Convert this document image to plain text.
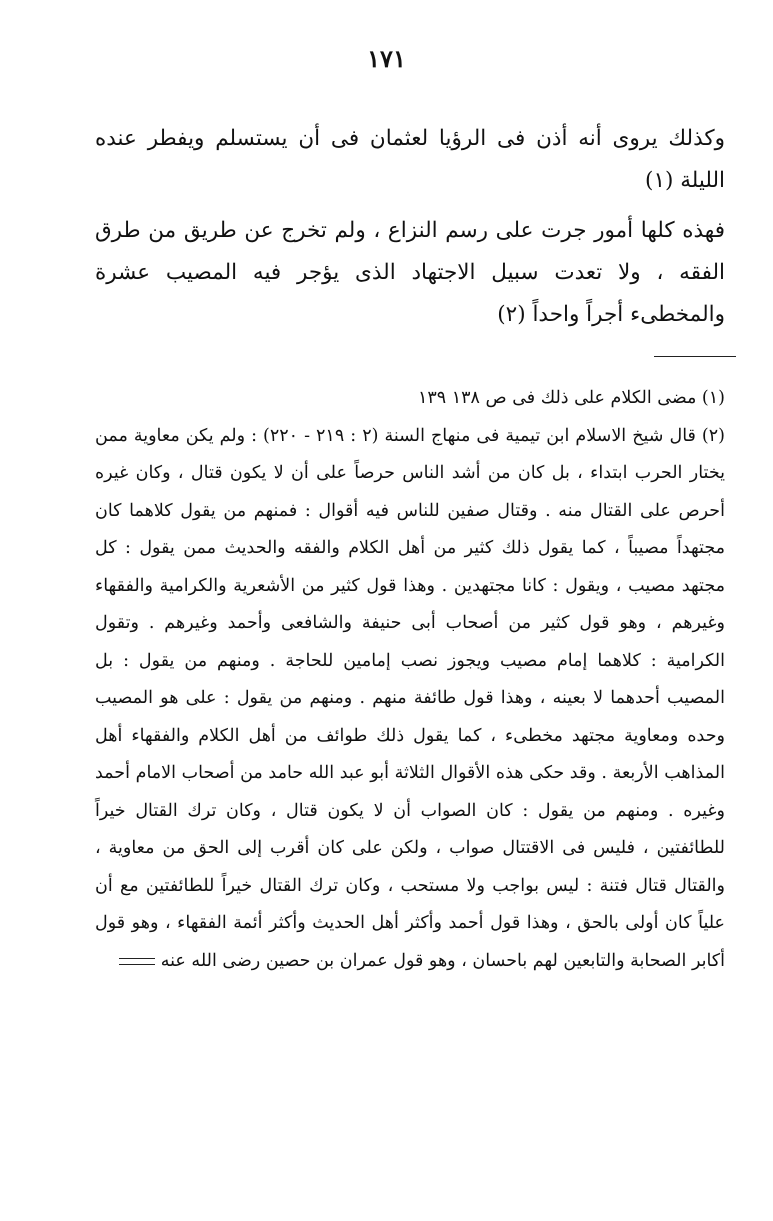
١٧١

وكذلك يروى أنه أذن فى الرؤيا لعثمان فى أن يستسلم ويفطر عنده الليلة (١)

فهذه كلها أمور جرت على رسم النزاع ، ولم تخرج عن طريق من طرق الفقه ، ولا تعدت سبيل الاجتهاد الذى يؤجر فيه المصيب عشرة والمخطىء أجراً واحداً (٢)

(١) مضى الكلام على ذلك فى ص ١٣٨ ١٣٩

(٢) قال شيخ الاسلام ابن تيمية فى منهاج السنة (٢ : ٢١٩ - ٢٢٠) : ولم يكن معاوية ممن يختار الحرب ابتداء ، بل كان من أشد الناس حرصاً على أن لا يكون قتال ، وكان غيره أحرص على القتال منه . وقتال صفين للناس فيه أقوال : فمنهم من يقول كلاهما كان مجتهداً مصيباً ، كما يقول ذلك كثير من أهل الكلام والفقه والحديث ممن يقول : كل مجتهد مصيب ، ويقول : كانا مجتهدين . وهذا قول كثير من الأشعرية والكرامية والفقهاء وغيرهم ، وهو قول كثير من أصحاب أبى حنيفة والشافعى وأحمد وغيرهم . وتقول الكرامية : كلاهما إمام مصيب ويجوز نصب إمامين للحاجة . ومنهم من يقول : بل المصيب أحدهما لا بعينه ، وهذا قول طائفة منهم . ومنهم من يقول : على هو المصيب وحده ومعاوية مجتهد مخطىء ، كما يقول ذلك طوائف من أهل الكلام والفقهاء أهل المذاهب الأربعة . وقد حكى هذه الأقوال الثلاثة أبو عبد الله حامد من أصحاب الامام أحمد وغيره . ومنهم من يقول : كان الصواب أن لا يكون قتال ، وكان ترك القتال خيراً للطائفتين ، فليس فى الاقتتال صواب ، ولكن على كان أقرب إلى الحق من معاوية ، والقتال قتال فتنة : ليس بواجب ولا مستحب ، وكان ترك القتال خيراً للطائفتين مع أن علياً كان أولى بالحق ، وهذا قول أحمد وأكثر أهل الحديث وأكثر أئمة الفقهاء ، وهو قول أكابر الصحابة والتابعين لهم باحسان ، وهو قول عمران بن حصين رضى الله عنه
